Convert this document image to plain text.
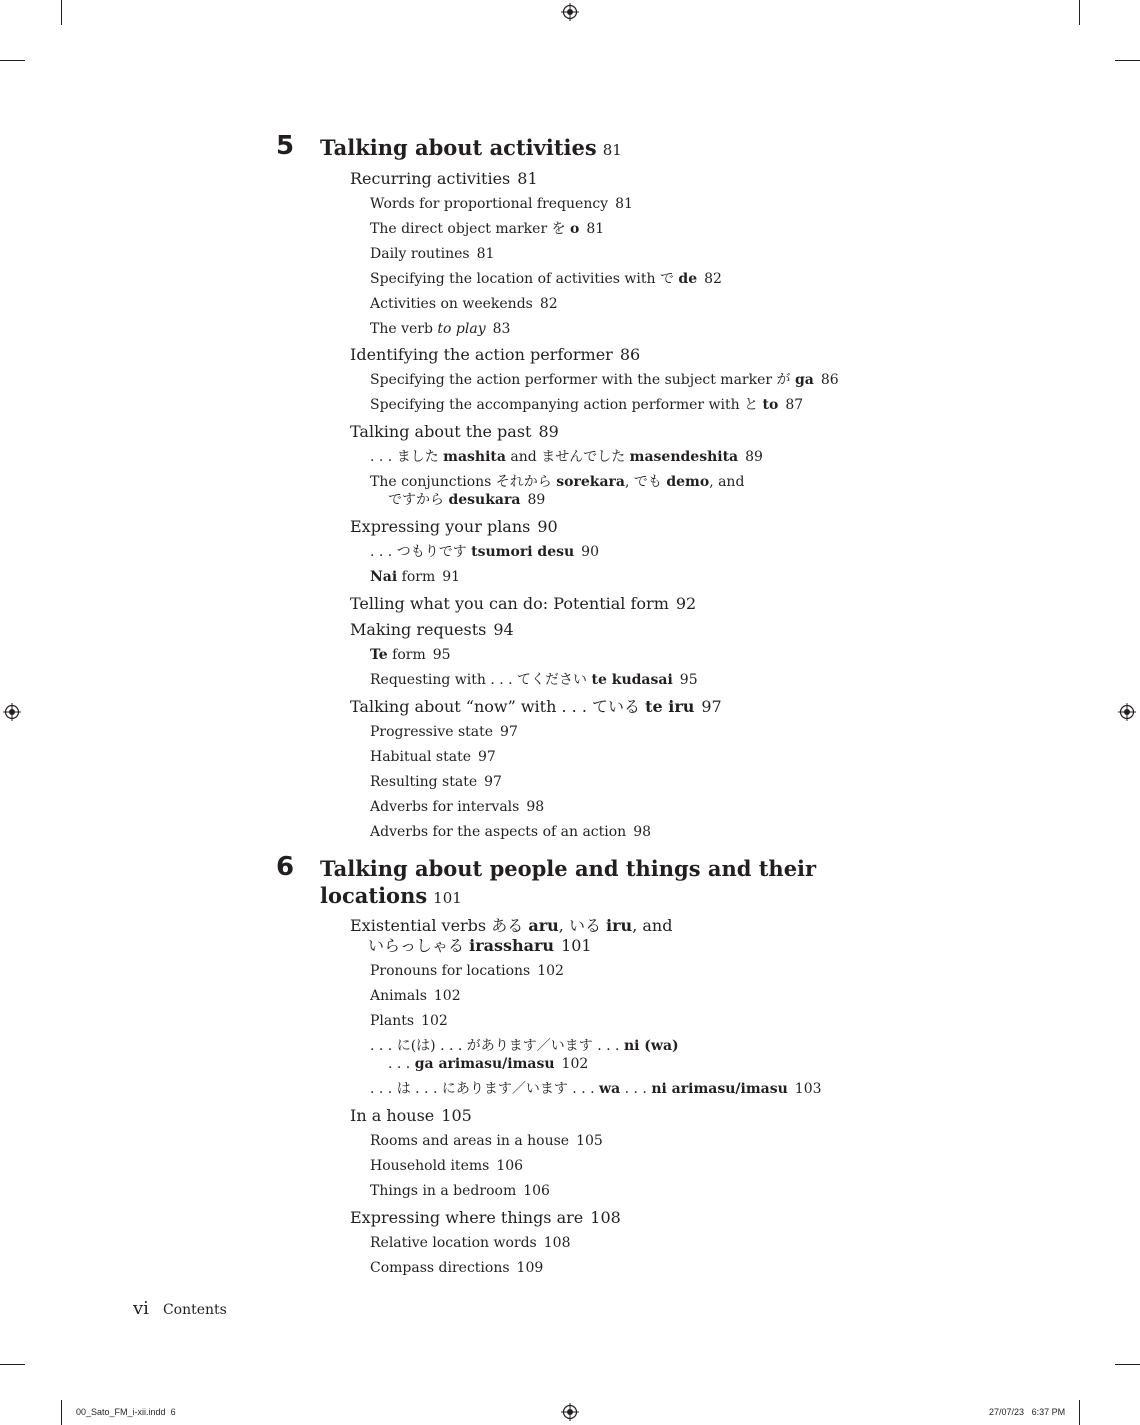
5 Talking about activities 81
Recurring activities 81
Words for proportional frequency 81
The direct object marker を o 81
Daily routines 81
Specifying the location of activities with で de 82
Activities on weekends 82
The verb to play 83
Identifying the action performer 86
Specifying the action performer with the subject marker が ga 86
Specifying the accompanying action performer with と to 87
Talking about the past 89
. . . ました mashita and ませんでした masendeshita 89
The conjunctions それから sorekara, でも demo, and
ですから desukara 89
Expressing your plans 90
. . . つもりです tsumori desu 90
Nai form 91
Telling what you can do: Potential form 92
Making requests 94
Te form 95
Requesting with . . . てください te kudasai 95
Talking about “now” with . . . ている te iru 97
Progressive state 97
Habitual state 97
Resulting state 97
Adverbs for intervals 98
Adverbs for the aspects of an action 98
6 Talking about people and things and their
locations 101
Existential verbs ある aru, いる iru, and
いらっしゃる irassharu 101
Pronouns for locations 102
Animals 102
Plants 102
. . . に(は) . . . があります／います . . . ni (wa)
. . . ga arimasu/imasu 102
. . . は . . . にあります／います . . . wa . . . ni arimasu/imasu 103
In a house 105
Rooms and areas in a house 105
Household items 106
Things in a bedroom 106
Expressing where things are 108
Relative location words 108
Compass directions 109
vi Contents
00_Sato_FM_i-xii.indd 6	27/07/23 6:37 PM
